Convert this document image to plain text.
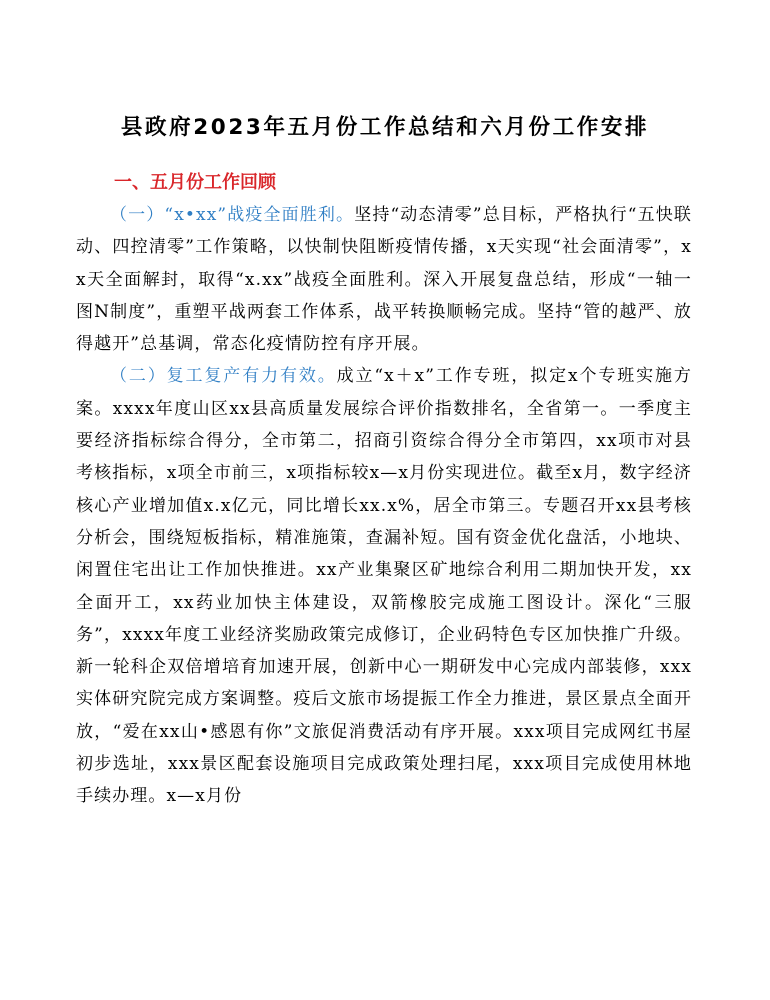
县政府2023年五月份工作总结和六月份工作安排
一、五月份工作回顾

（一）“x•xx”战疫全面胜利。坚持“动态清零”总目标，严格执行“五快联动、四控清零”工作策略，以快制快阻断疫情传播，x天实现“社会面清零”，xx天全面解封，取得“x.xx”战疫全面胜利。深入开展复盘总结，形成“一轴一图N制度”，重塑平战两套工作体系，战平转换顺畅完成。坚持“管的越严、放得越开”总基调，常态化疫情防控有序开展。

（二）复工复产有力有效。成立“x＋x”工作专班，拟定x个专班实施方案。xxxx年度山区xx县高质量发展综合评价指数排名，全省第一。一季度主要经济指标综合得分，全市第二，招商引资综合得分全市第四，xx项市对县考核指标，x项全市前三，x项指标较x—x月份实现进位。截至x月，数字经济核心产业增加值x.x亿元，同比增长xx.x%，居全市第三。专题召开xx县考核分析会，围绕短板指标，精准施策，查漏补短。国有资金优化盘活，小地块、闲置住宅出让工作加快推进。xx产业集聚区矿地综合利用二期加快开发，xx全面开工，xx药业加快主体建设，双箭橡胶完成施工图设计。深化“三服务”，xxxx年度工业经济奖励政策完成修订，企业码特色专区加快推广升级。新一轮科企双倍增培育加速开展，创新中心一期研发中心完成内部装修，xxx实体研究院完成方案调整。疫后文旅市场提振工作全力推进，景区景点全面开放，“爱在xx山•感恩有你”文旅促消费活动有序开展。xxx项目完成网红书屋初步选址，xxx景区配套设施项目完成政策处理扫尾，xxx项目完成使用林地手续办理。x—x月份
